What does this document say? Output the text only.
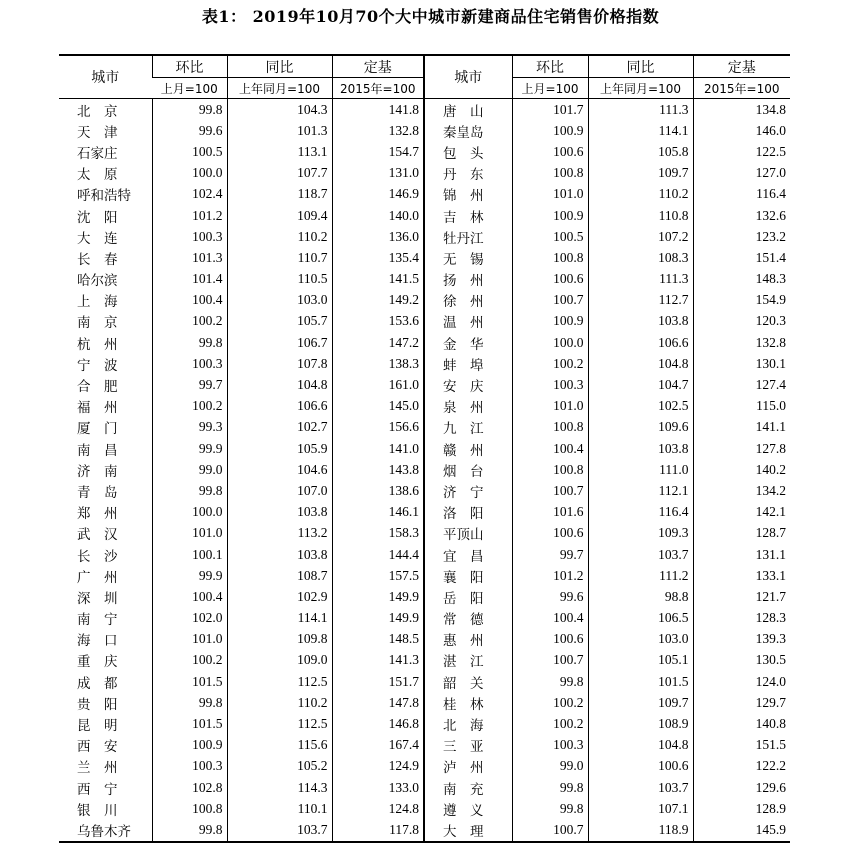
表1： 2019年10月70个大中城市新建商品住宅销售价格指数
城市	环比	同比	定基	城市	环比	同比	定基
	上月=100	上年同月=100	2015年=100		上月=100	上年同月=100	2015年=100
北　京	99.8	104.3	141.8	唐　山	101.7	111.3	134.8
天　津	99.6	101.3	132.8	秦皇岛	100.9	114.1	146.0
石家庄	100.5	113.1	154.7	包　头	100.6	105.8	122.5
太　原	100.0	107.7	131.0	丹　东	100.8	109.7	127.0
呼和浩特	102.4	118.7	146.9	锦　州	101.0	110.2	116.4
沈　阳	101.2	109.4	140.0	吉　林	100.9	110.8	132.6
大　连	100.3	110.2	136.0	牡丹江	100.5	107.2	123.2
长　春	101.3	110.7	135.4	无　锡	100.8	108.3	151.4
哈尔滨	101.4	110.5	141.5	扬　州	100.6	111.3	148.3
上　海	100.4	103.0	149.2	徐　州	100.7	112.7	154.9
南　京	100.2	105.7	153.6	温　州	100.9	103.8	120.3
杭　州	99.8	106.7	147.2	金　华	100.0	106.6	132.8
宁　波	100.3	107.8	138.3	蚌　埠	100.2	104.8	130.1
合　肥	99.7	104.8	161.0	安　庆	100.3	104.7	127.4
福　州	100.2	106.6	145.0	泉　州	101.0	102.5	115.0
厦　门	99.3	102.7	156.6	九　江	100.8	109.6	141.1
南　昌	99.9	105.9	141.0	赣　州	100.4	103.8	127.8
济　南	99.0	104.6	143.8	烟　台	100.8	111.0	140.2
青　岛	99.8	107.0	138.6	济　宁	100.7	112.1	134.2
郑　州	100.0	103.8	146.1	洛　阳	101.6	116.4	142.1
武　汉	101.0	113.2	158.3	平顶山	100.6	109.3	128.7
长　沙	100.1	103.8	144.4	宜　昌	99.7	103.7	131.1
广　州	99.9	108.7	157.5	襄　阳	101.2	111.2	133.1
深　圳	100.4	102.9	149.9	岳　阳	99.6	98.8	121.7
南　宁	102.0	114.1	149.9	常　德	100.4	106.5	128.3
海　口	101.0	109.8	148.5	惠　州	100.6	103.0	139.3
重　庆	100.2	109.0	141.3	湛　江	100.7	105.1	130.5
成　都	101.5	112.5	151.7	韶　关	99.8	101.5	124.0
贵　阳	99.8	110.2	147.8	桂　林	100.2	109.7	129.7
昆　明	101.5	112.5	146.8	北　海	100.2	108.9	140.8
西　安	100.9	115.6	167.4	三　亚	100.3	104.8	151.5
兰　州	100.3	105.2	124.9	泸　州	99.0	100.6	122.2
西　宁	102.8	114.3	133.0	南　充	99.8	103.7	129.6
银　川	100.8	110.1	124.8	遵　义	99.8	107.1	128.9
乌鲁木齐	99.8	103.7	117.8	大　理	100.7	118.9	145.9
